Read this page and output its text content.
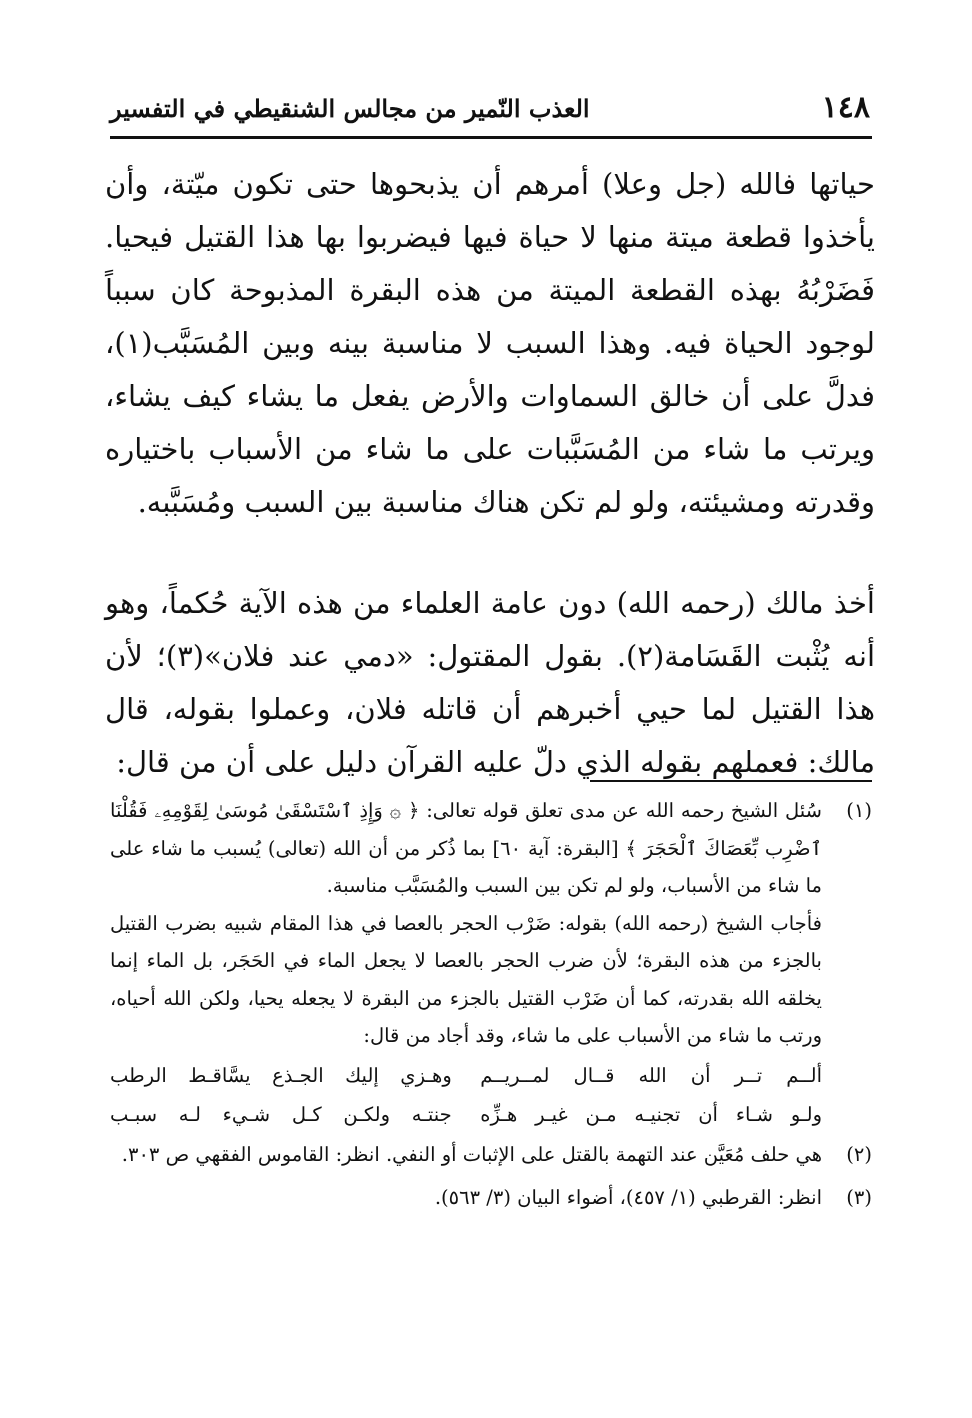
١٤٨
العذب النّمير من مجالس الشنقيطي في التفسير

حياتها فالله (جل وعلا) أمرهم أن يذبحوها حتى تكون ميّتة، وأن يأخذوا قطعة ميتة منها لا حياة فيها فيضربوا بها هذا القتيل فيحيا. فَضَرْبُهُ بهذه القطعة الميتة من هذه البقرة المذبوحة كان سبباً لوجود الحياة فيه. وهذا السبب لا مناسبة بينه وبين المُسَبَّب(١)، فدلَّ على أن خالق السماوات والأرض يفعل ما يشاء كيف يشاء، ويرتب ما شاء من المُسَبَّبات على ما شاء من الأسباب باختياره وقدرته ومشيئته، ولو لم تكن هناك مناسبة بين السبب ومُسَبَّبه.

أخذ مالك (رحمه الله) دون عامة العلماء من هذه الآية حُكماً، وهو أنه يُثْبت القَسَامة(٢). بقول المقتول: «دمي عند فلان»(٣)؛ لأن هذا القتيل لما حيي أخبرهم أن قاتله فلان، وعملوا بقوله، قال مالك: فعملهم بقوله الذي دلّ عليه القرآن دليل على أن من قال:

(١)

سُئل الشيخ رحمه الله عن مدى تعلق قوله تعالى: ﴿ ۞ وَإِذِ ٱسْتَسْقَىٰ مُوسَىٰ لِقَوْمِهِۦ فَقُلْنَا ٱضْرِب بِّعَصَاكَ ٱلْحَجَرَ ﴾ [البقرة: آية ٦٠] بما ذُكر من أن الله (تعالى) يُسبب ما شاء على ما شاء من الأسباب، ولو لم تكن بين السبب والمُسَبَّب مناسبة.

فأجاب الشيخ (رحمه الله) بقوله: ضَرْب الحجر بالعصا في هذا المقام شبيه بضرب القتيل بالجزء من هذه البقرة؛ لأن ضرب الحجر بالعصا لا يجعل الماء في الحَجَر، بل الماء إنما يخلقه الله بقدرته، كما أن ضَرْب القتيل بالجزء من البقرة لا يجعله يحيا، ولكن الله أحياه، ورتب ما شاء من الأسباب على ما شاء، وقد أجاد من قال:

ألــم تــر أن الله قــال لمــريــم
وهـزي إليك الجـذع يسَّاقـط الرطب
ولـو شـاء أن تجنيـه مـن غيـر هـزِّه
جنتـه ولكـن كـل شـيء لـه سبـب
(٢)

هي حلف مُعَيَّن عند التهمة بالقتل على الإثبات أو النفي. انظر: القاموس الفقهي ص ٣٠٣.

(٣)

انظر: القرطبي (١/ ٤٥٧)، أضواء البيان (٣/ ٥٦٣).
